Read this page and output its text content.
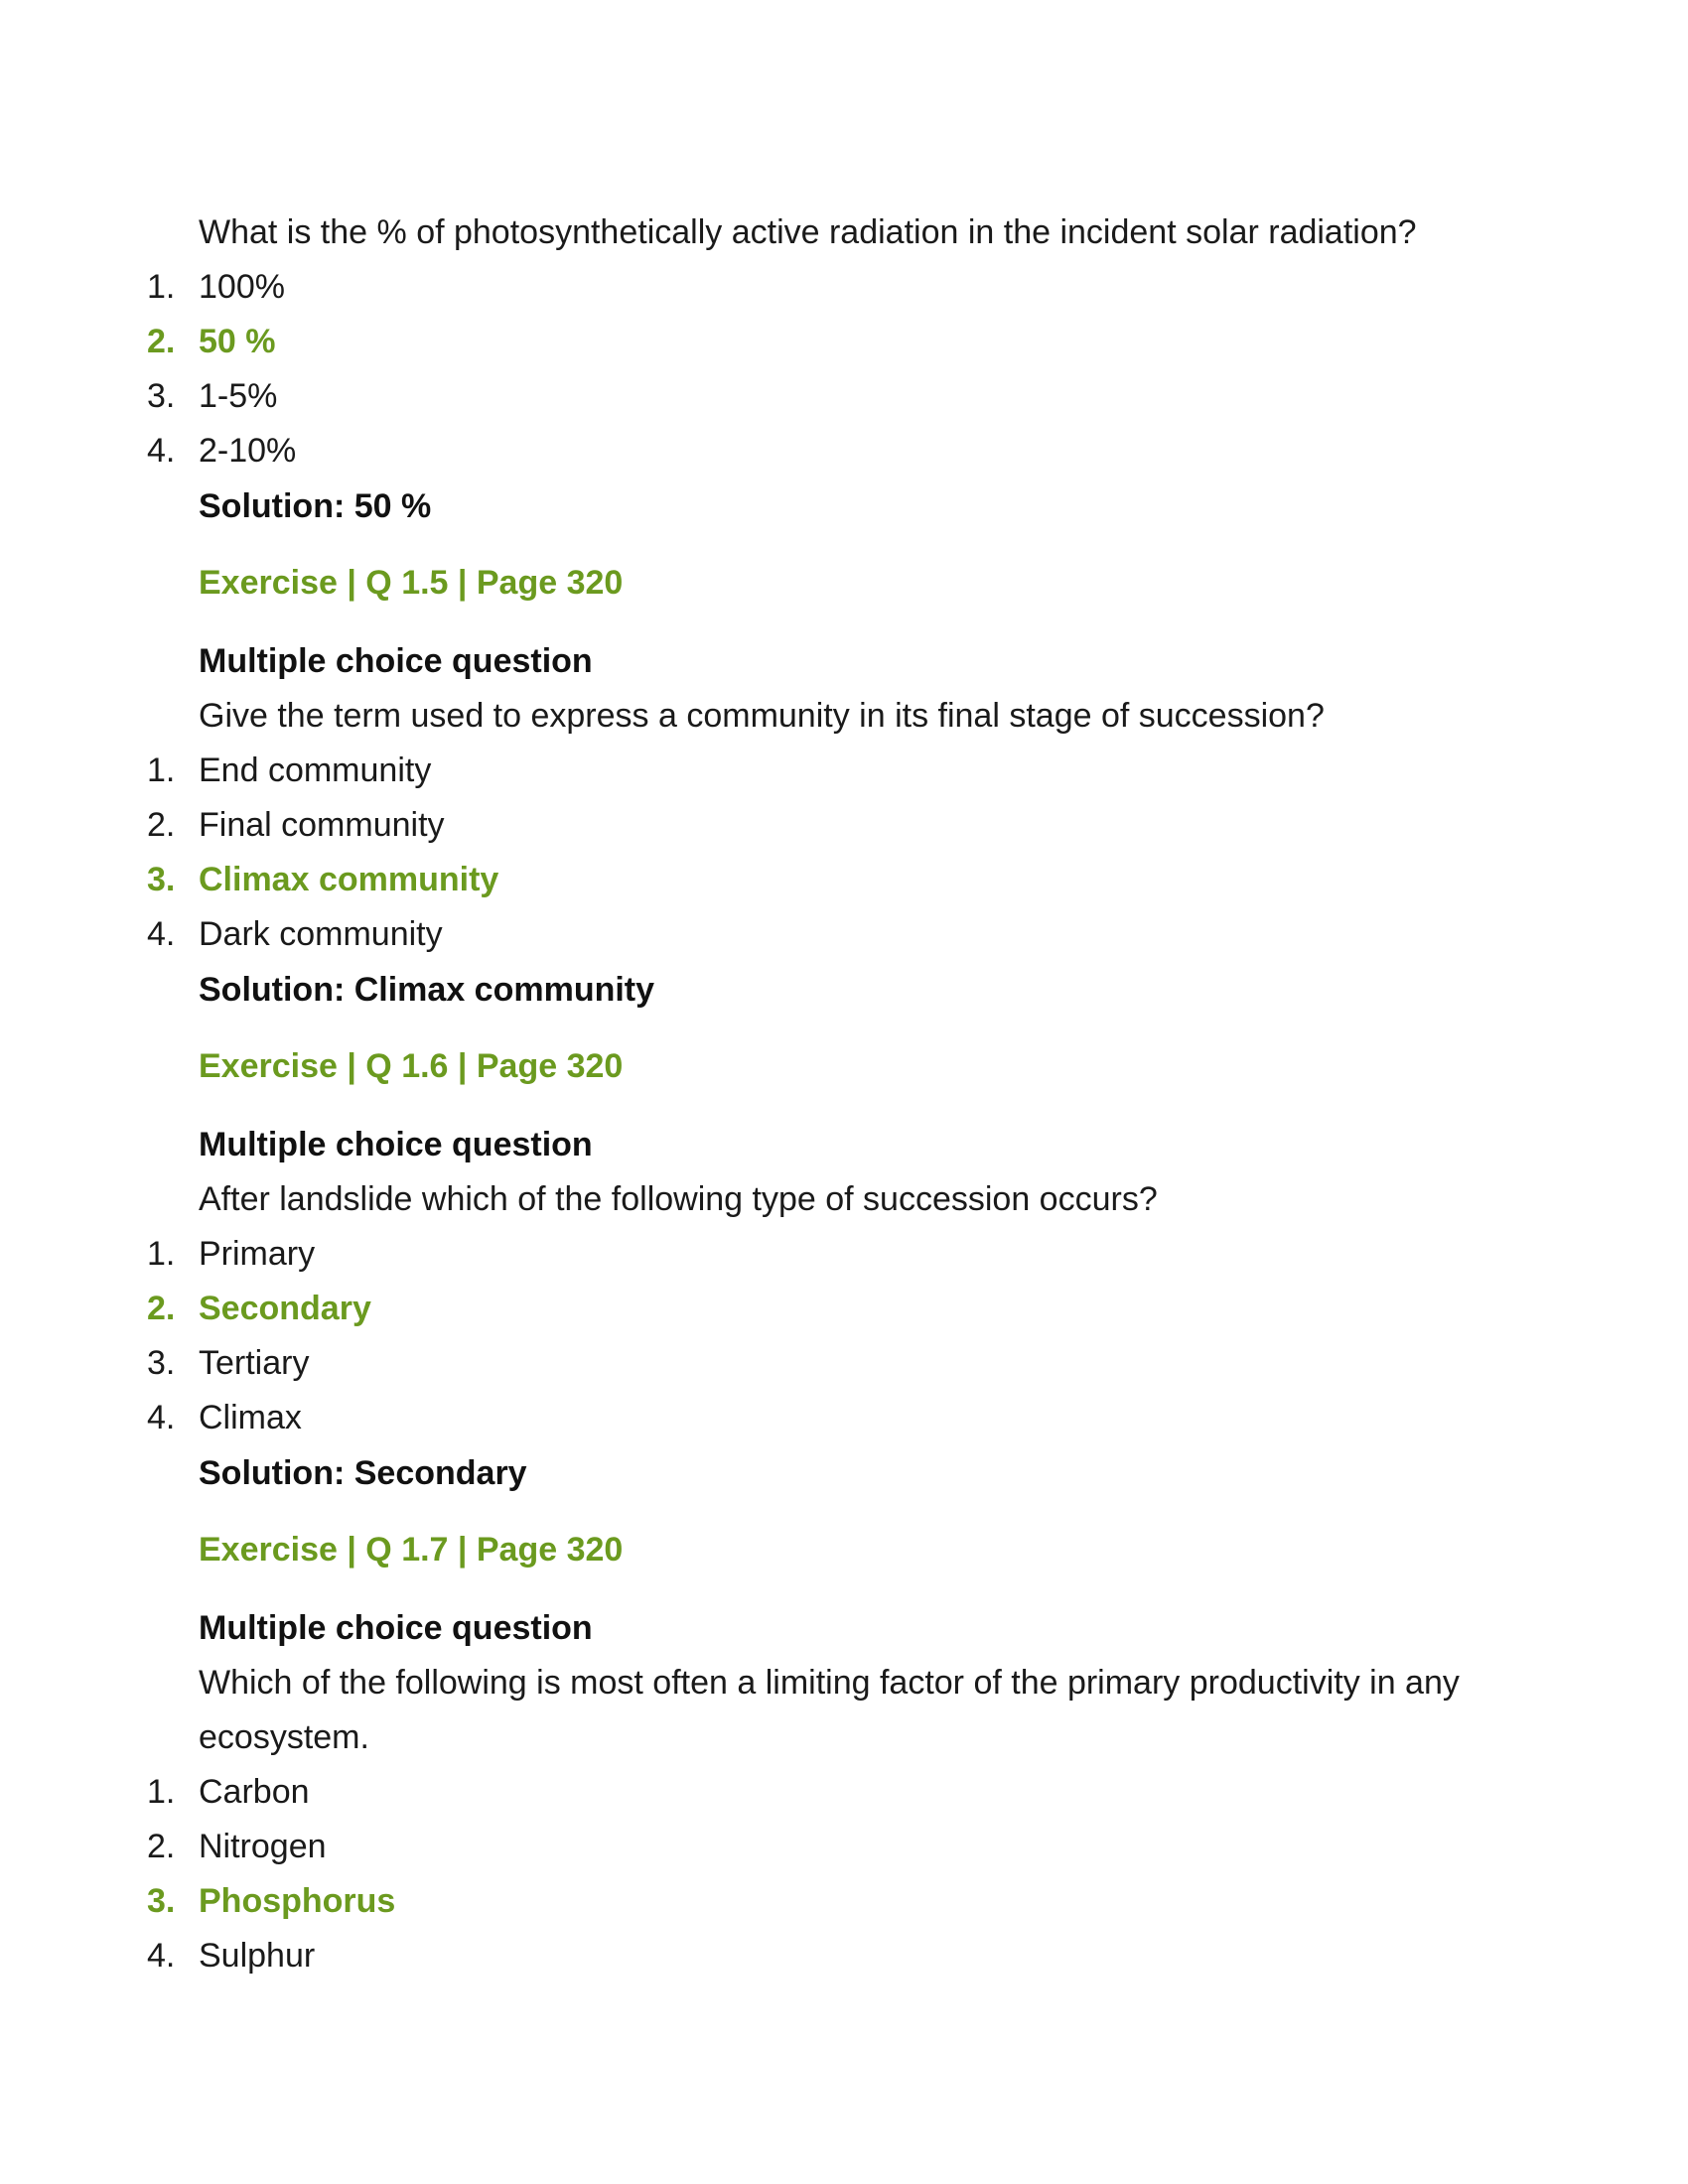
What is the % of photosynthetically active radiation in the incident solar radiation?
1. 100%
2. 50 %
3. 1-5%
4. 2-10%
Solution: 50 %
Exercise | Q 1.5 | Page 320
Multiple choice question
Give the term used to express a community in its final stage of succession?
1. End community
2. Final community
3. Climax community
4. Dark community
Solution: Climax community
Exercise | Q 1.6 | Page 320
Multiple choice question
After landslide which of the following type of succession occurs?
1. Primary
2. Secondary
3. Tertiary
4. Climax
Solution: Secondary
Exercise | Q 1.7 | Page 320
Multiple choice question
Which of the following is most often a limiting factor of the primary productivity in any
ecosystem.
1. Carbon
2. Nitrogen
3. Phosphorus
4. Sulphur
